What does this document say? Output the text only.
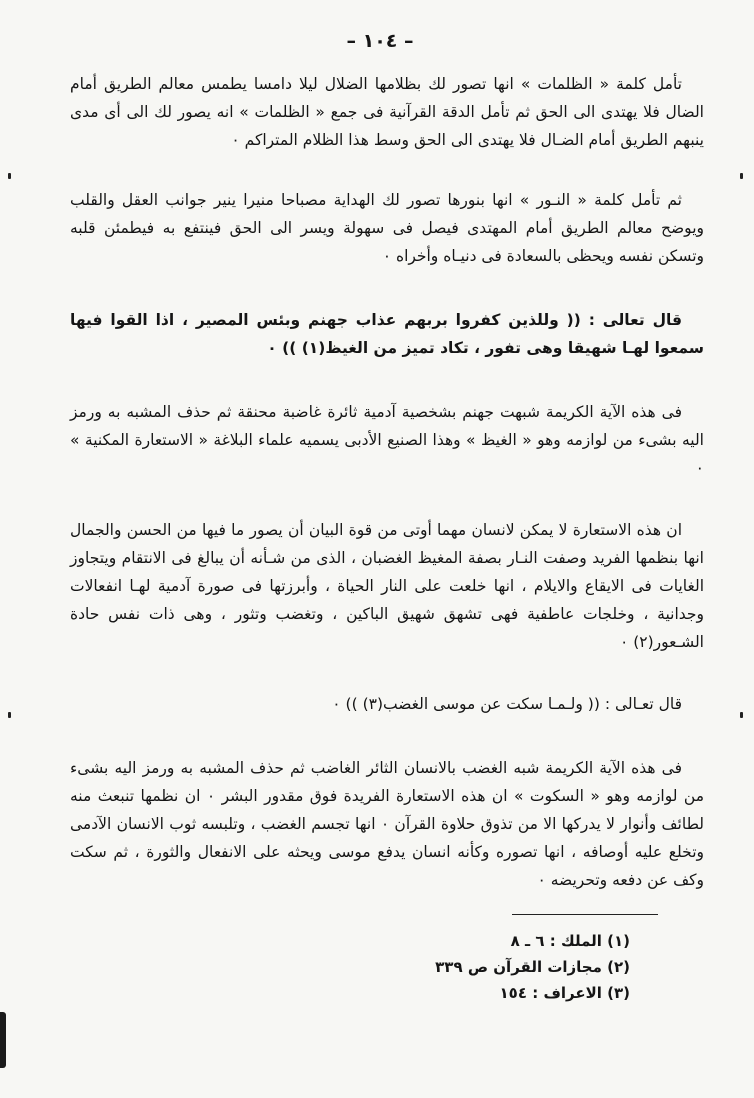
– ١٠٤ –

تأمل كلمة « الظلمات » انها تصور لك بظلامها الضلال ليلا دامسا يطمس معالم الطريق أمام الضال فلا يهتدى الى الحق ثم تأمل الدقة القرآنية فى جمع « الظلمات » انه يصور لك الى أى مدى ينبهم الطريق أمام الضـال فلا يهتدى الى الحق وسط هذا الظلام المتراكم ٠

ثم تأمل كلمة « النـور » انها بنورها تصور لك الهداية مصباحا منيرا ينير جوانب العقل والقلب ويوضح معالم الطريق أمام المهتدى فيصل فى سهولة ويسر الى الحق فينتفع به فيطمئن قلبه وتسكن نفسه ويحظى بالسعادة فى دنيـاه وأخراه ٠

قال تعالى : (( وللذين كفروا بربهم عذاب جهنم وبئس المصير ، اذا القوا فيها سمعوا لهـا شهيقا وهى تفور ، تكاد تميز من الغيظ(١) )) ٠

فى هذه الآية الكريمة شبهت جهنم بشخصية آدمية ثائرة غاضبة محنقة ثم حذف المشبه به ورمز اليه بشىء من لوازمه وهو « الغيظ » وهذا الصنيع الأدبى يسميه علماء البلاغة « الاستعارة المكنية » ٠

ان هذه الاستعارة لا يمكن لانسان مهما أوتى من قوة البيان أن يصور ما فيها من الحسن والجمال انها بنظمها الفريد وصفت النـار بصفة المغيظ الغضبان ، الذى من شـأنه أن يبالغ فى الانتقام ويتجاوز الغايات فى الايقاع والايلام ، انها خلعت على النار الحياة ، وأبرزتها فى صورة آدمية لهـا انفعالات وجدانية ، وخلجات عاطفية فهى تشهق شهيق الباكين ، وتغضب وتثور ، وهى ذات نفس حادة الشـعور(٢) ٠

قال تعـالى : (( ولـمـا سكت عن موسى الغضب(٣) )) ٠

فى هذه الآية الكريمة شبه الغضب بالانسان الثائر الغاضب ثم حذف المشبه به ورمز اليه بشىء من لوازمه وهو « السكوت » ان هذه الاستعارة الفريدة فوق مقدور البشر ٠ ان نظمها تنبعث منه لطائف وأنوار لا يدركها الا من تذوق حلاوة القرآن ٠ انها تجسم الغضب ، وتلبسه ثوب الانسان الآدمى وتخلع عليه أوصافه ، انها تصوره وكأنه انسان يدفع موسى ويحثه على الانفعال والثورة ، ثم سكت وكف عن دفعه وتحريضه ٠

(١) الملك : ٦ ـ ٨

(٢) مجازات القرآن ص ٣٣٩

(٣) الاعراف : ١٥٤
